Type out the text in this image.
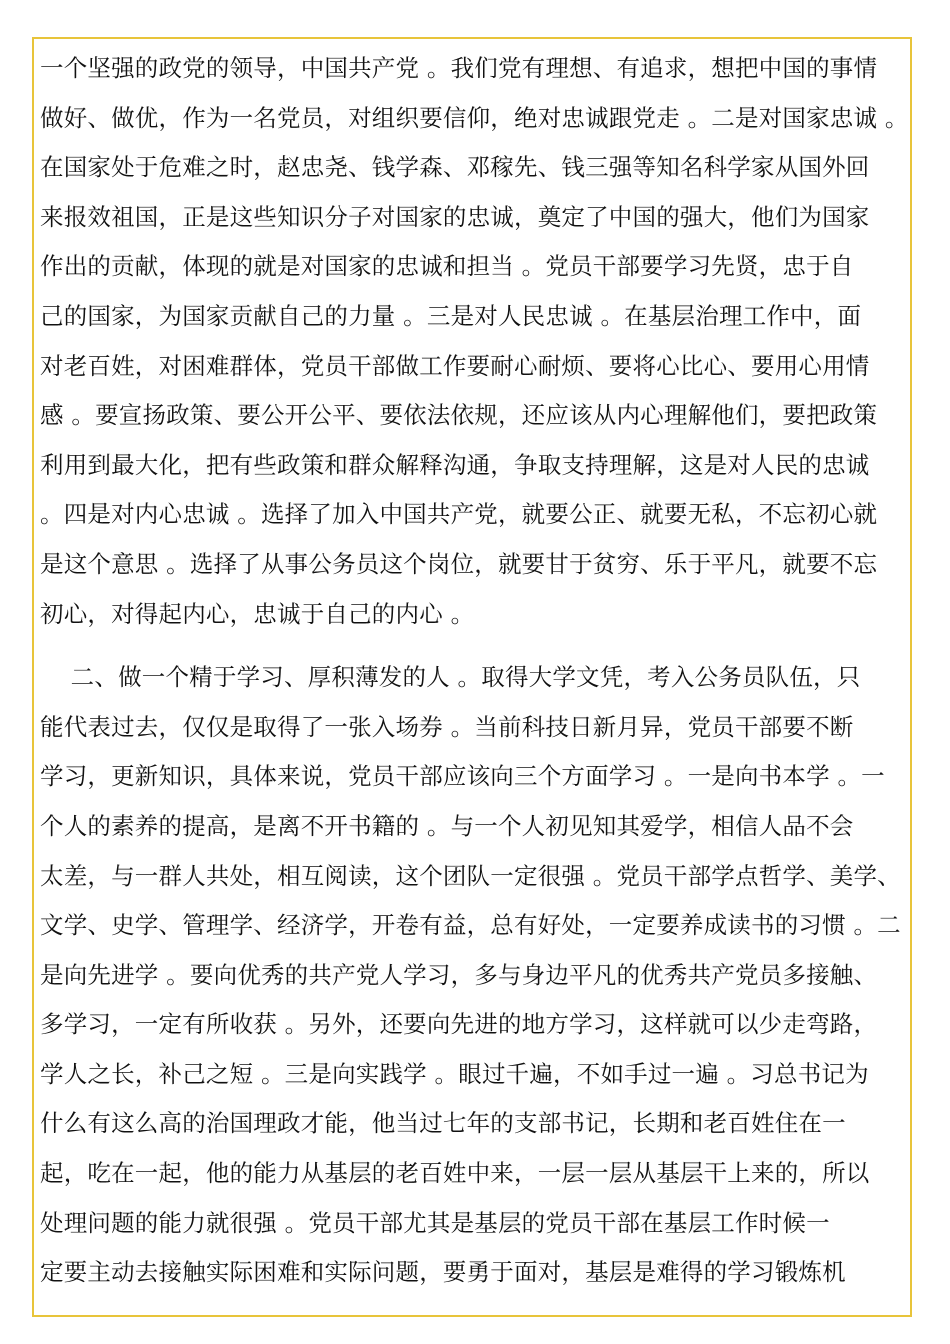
一个坚强的政党的领导，中国共产党 。我们党有理想、有追求，想把中国的事情
做好、做优，作为一名党员，对组织要信仰，绝对忠诚跟党走 。二是对国家忠诚 。
在国家处于危难之时，赵忠尧、钱学森、邓稼先、钱三强等知名科学家从国外回
来报效祖国，正是这些知识分子对国家的忠诚，奠定了中国的强大，他们为国家
作出的贡献，体现的就是对国家的忠诚和担当 。党员干部要学习先贤，忠于自
己的国家，为国家贡献自己的力量 。三是对人民忠诚 。在基层治理工作中，面
对老百姓，对困难群体，党员干部做工作要耐心耐烦、要将心比心、要用心用情
感 。要宣扬政策、要公开公平、要依法依规，还应该从内心理解他们，要把政策
利用到最大化，把有些政策和群众解释沟通，争取支持理解，这是对人民的忠诚
。四是对内心忠诚 。选择了加入中国共产党，就要公正、就要无私，不忘初心就
是这个意思 。选择了从事公务员这个岗位，就要甘于贫穷、乐于平凡，就要不忘
初心，对得起内心，忠诚于自己的内心 。
二、做一个精于学习、厚积薄发的人 。取得大学文凭，考入公务员队伍，只
能代表过去，仅仅是取得了一张入场券 。当前科技日新月异，党员干部要不断
学习，更新知识，具体来说，党员干部应该向三个方面学习 。一是向书本学 。一
个人的素养的提高，是离不开书籍的 。与一个人初见知其爱学，相信人品不会
太差，与一群人共处，相互阅读，这个团队一定很强 。党员干部学点哲学、美学、
文学、史学、管理学、经济学，开卷有益，总有好处，一定要养成读书的习惯 。二
是向先进学 。要向优秀的共产党人学习，多与身边平凡的优秀共产党员多接触、
多学习，一定有所收获 。另外，还要向先进的地方学习，这样就可以少走弯路，
学人之长，补己之短 。三是向实践学 。眼过千遍，不如手过一遍 。习总书记为
什么有这么高的治国理政才能，他当过七年的支部书记，长期和老百姓住在一
起，吃在一起，他的能力从基层的老百姓中来，一层一层从基层干上来的，所以
处理问题的能力就很强 。党员干部尤其是基层的党员干部在基层工作时候一
定要主动去接触实际困难和实际问题，要勇于面对，基层是难得的学习锻炼机
